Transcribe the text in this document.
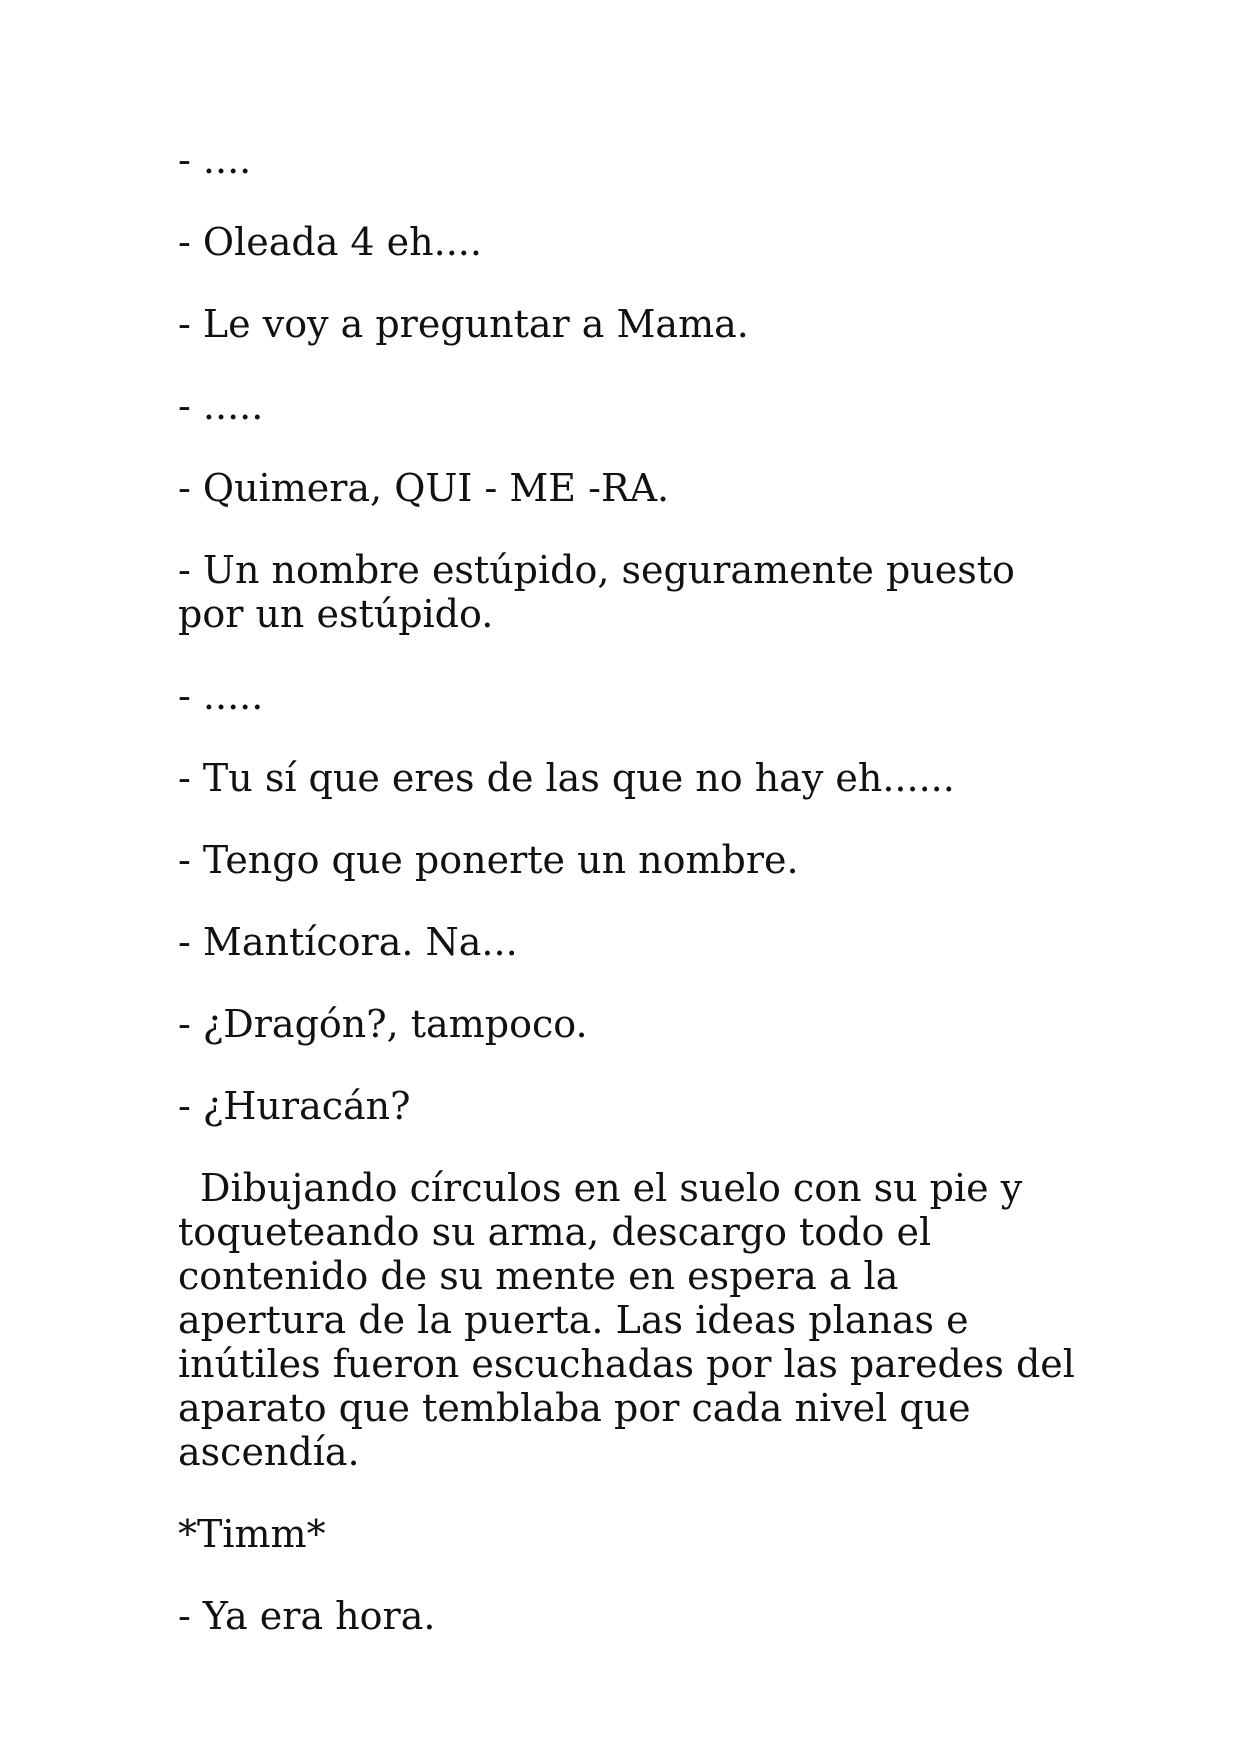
- ....

- Oleada 4 eh....

- Le voy a preguntar a Mama.

- .....

- Quimera, QUI - ME -RA.

- Un nombre estúpido, seguramente puesto por un estúpido.

- .....

- Tu sí que eres de las que no hay eh......

- Tengo que ponerte un nombre.

- Mantícora. Na...

- ¿Dragón?, tampoco.

- ¿Huracán?

Dibujando círculos en el suelo con su pie y toqueteando su arma, descargo todo el contenido de su mente en espera a la apertura de la puerta. Las ideas planas e inútiles fueron escuchadas por las paredes del aparato que temblaba por cada nivel que ascendía.

*Timm*

- Ya era hora.
